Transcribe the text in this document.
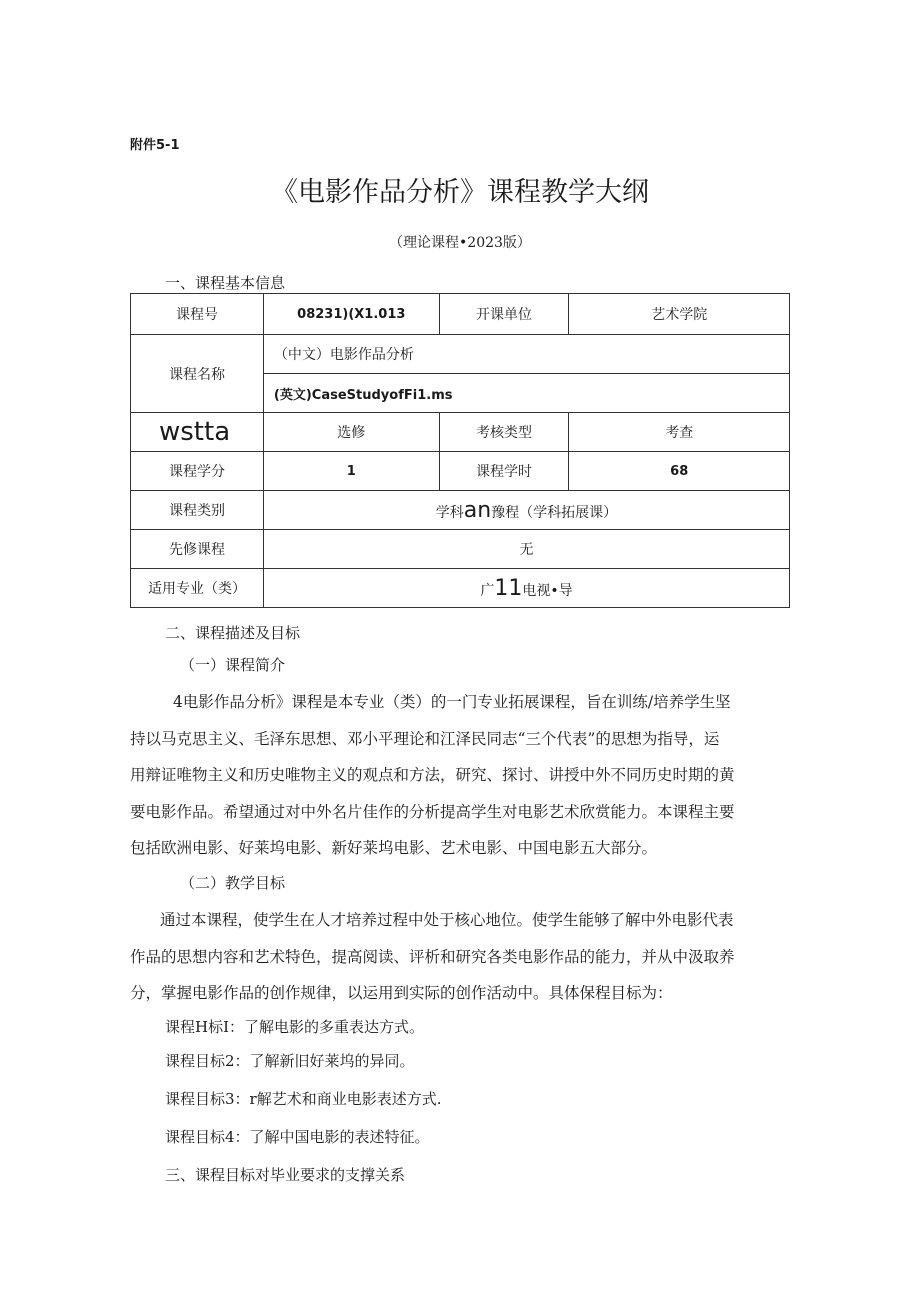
附件5-1
《电影作品分析》课程教学大纲
（理论课程•2023版）
一、课程基本信息
课程号	08231)(X1.013	开课单位	艺术学院
课程名称	（中文）电影作品分析		
	(英文)CaseStudyofFi1.ms		
wstta	选修	考核类型	考查
课程学分	1	课程学时	68
课程类别	学科an豫程（学科拓展课）		
先修课程	无		
适用专业（类）	广11电视•导		
二、课程描述及目标
（一）课程简介
4电影作品分析》课程是本专业（类）的一门专业拓展课程，旨在训练/培养学生坚
持以马克思主义、毛泽东思想、邓小平理论和江泽民同志“三个代表”的思想为指导，运
用辩证唯物主义和历史唯物主义的观点和方法，研究、探讨、讲授中外不同历史时期的黄
要电影作品。希望通过对中外名片佳作的分析提高学生对电影艺术欣赏能力。本课程主要
包括欧洲电影、好莱坞电影、新好莱坞电影、艺术电影、中国电影五大部分。
（二）教学目标
通过本课程，使学生在人才培养过程中处于核心地位。使学生能够了解中外电影代表
作品的思想内容和艺术特色，提高阅读、评析和研究各类电影作品的能力，并从中汲取养
分，掌握电影作品的创作规律，以运用到实际的创作活动中。具体保程目标为：
课程H标I：了解电影的多重表达方式。
课程目标2：了解新旧好莱坞的异同。
课程目标3：r解艺术和商业电影表述方式.
课程目标4：了解中国电影的表述特征。
三、课程目标对毕业要求的支撑关系
